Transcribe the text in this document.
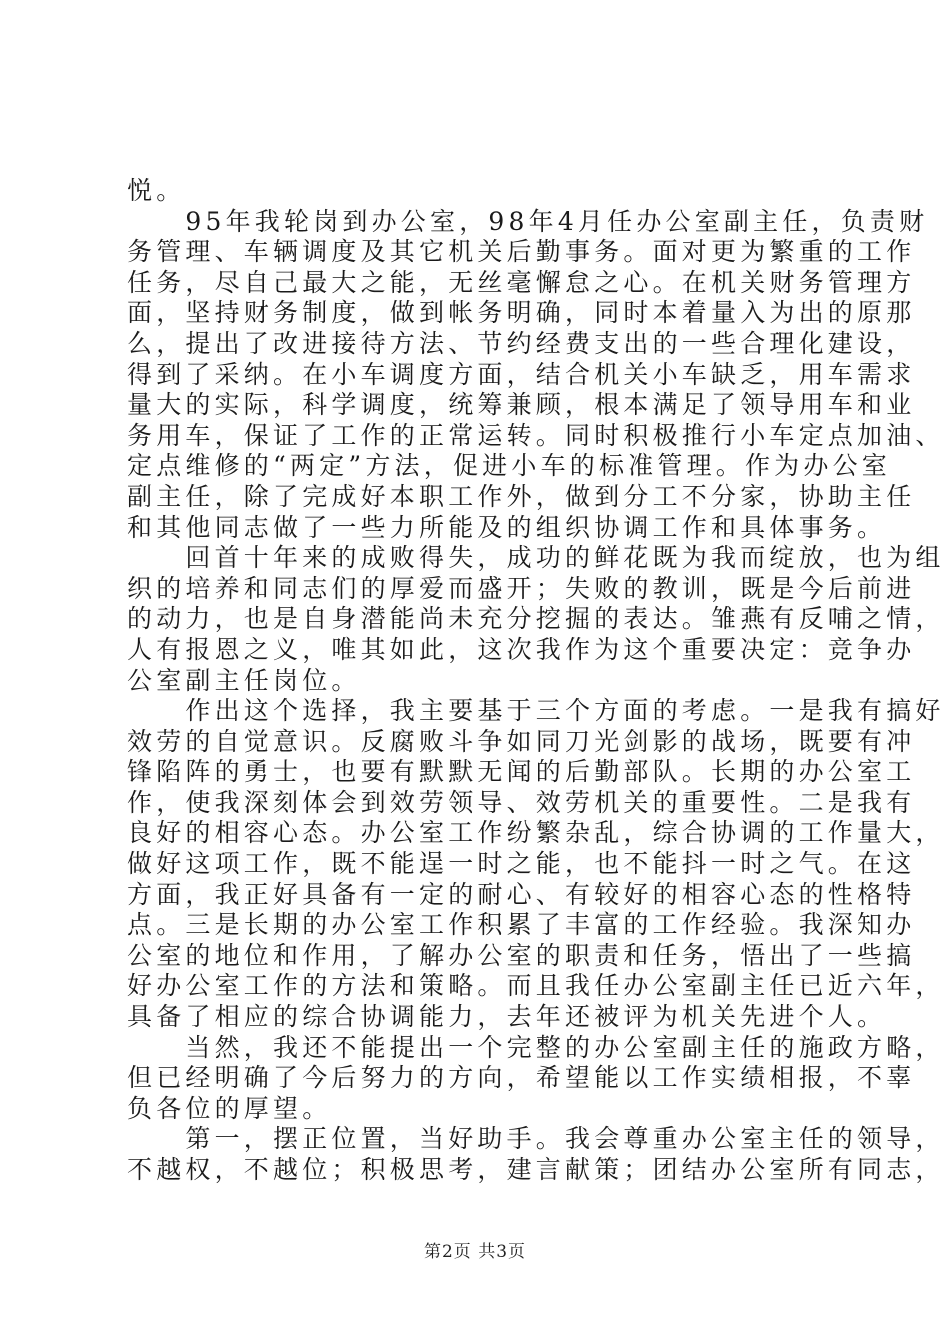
悦。
　　95年我轮岗到办公室，98年4月任办公室副主任，负责财
务管理、车辆调度及其它机关后勤事务。面对更为繁重的工作
任务，尽自己最大之能，无丝毫懈怠之心。在机关财务管理方
面，坚持财务制度，做到帐务明确，同时本着量入为出的原那
么，提出了改进接待方法、节约经费支出的一些合理化建设，
得到了采纳。在小车调度方面，结合机关小车缺乏，用车需求
量大的实际，科学调度，统筹兼顾，根本满足了领导用车和业
务用车，保证了工作的正常运转。同时积极推行小车定点加油、
定点维修的“两定”方法，促进小车的标准管理。作为办公室
副主任，除了完成好本职工作外，做到分工不分家，协助主任
和其他同志做了一些力所能及的组织协调工作和具体事务。
　　回首十年来的成败得失，成功的鲜花既为我而绽放，也为组
织的培养和同志们的厚爱而盛开；失败的教训，既是今后前进
的动力，也是自身潜能尚未充分挖掘的表达。雏燕有反哺之情，
人有报恩之义，唯其如此，这次我作为这个重要决定：竞争办
公室副主任岗位。
　　作出这个选择，我主要基于三个方面的考虑。一是我有搞好
效劳的自觉意识。反腐败斗争如同刀光剑影的战场，既要有冲
锋陷阵的勇士，也要有默默无闻的后勤部队。长期的办公室工
作，使我深刻体会到效劳领导、效劳机关的重要性。二是我有
良好的相容心态。办公室工作纷繁杂乱，综合协调的工作量大，
做好这项工作，既不能逞一时之能，也不能抖一时之气。在这
方面，我正好具备有一定的耐心、有较好的相容心态的性格特
点。三是长期的办公室工作积累了丰富的工作经验。我深知办
公室的地位和作用，了解办公室的职责和任务，悟出了一些搞
好办公室工作的方法和策略。而且我任办公室副主任已近六年，
具备了相应的综合协调能力，去年还被评为机关先进个人。
　　当然，我还不能提出一个完整的办公室副主任的施政方略，
但已经明确了今后努力的方向，希望能以工作实绩相报，不辜
负各位的厚望。
　　第一，摆正位置，当好助手。我会尊重办公室主任的领导，
不越权，不越位；积极思考，建言献策；团结办公室所有同志，
第2页 共3页
